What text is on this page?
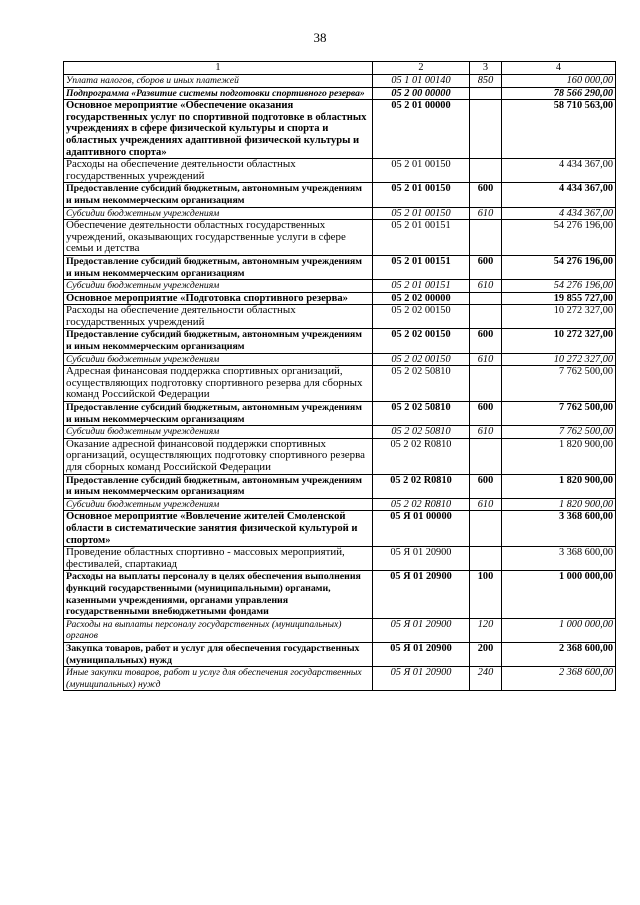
38
1	2	3	4
Уплата налогов, сборов и иных платежей	05 1 01 00140	850	160 000,00
Подпрограмма «Развитие системы подготовки спортивного резерва»	05 2 00 00000		78 566 290,00
Основное мероприятие «Обеспечение оказания государственных услуг по спортивной подготовке в областных учреждениях в сфере физической культуры и спорта и областных учреждениях адаптивной физической культуры и адаптивного спорта»	05 2 01 00000		58 710 563,00
Расходы на обеспечение деятельности областных государственных учреждений	05 2 01 00150		4 434 367,00
Предоставление субсидий бюджетным, автономным учреждениям и иным некоммерческим организациям	05 2 01 00150	600	4 434 367,00
Субсидии бюджетным учреждениям	05 2 01 00150	610	4 434 367,00
Обеспечение деятельности областных государственных учреждений, оказывающих государственные услуги в сфере семьи и детства	05 2 01 00151		54 276 196,00
Предоставление субсидий бюджетным, автономным учреждениям и иным некоммерческим организациям	05 2 01 00151	600	54 276 196,00
Субсидии бюджетным учреждениям	05 2 01 00151	610	54 276 196,00
Основное мероприятие «Подготовка спортивного резерва»	05 2 02 00000		19 855 727,00
Расходы на обеспечение деятельности областных государственных учреждений	05 2 02 00150		10 272 327,00
Предоставление субсидий бюджетным, автономным учреждениям и иным некоммерческим организациям	05 2 02 00150	600	10 272 327,00
Субсидии бюджетным учреждениям	05 2 02 00150	610	10 272 327,00
Адресная финансовая поддержка спортивных организаций, осуществляющих подготовку спортивного резерва для сборных команд Российской Федерации	05 2 02 50810		7 762 500,00
Предоставление субсидий бюджетным, автономным учреждениям и иным некоммерческим организациям	05 2 02 50810	600	7 762 500,00
Субсидии бюджетным учреждениям	05 2 02 50810	610	7 762 500,00
Оказание адресной финансовой поддержки спортивных организаций, осуществляющих подготовку спортивного резерва для сборных команд Российской Федерации	05 2 02 R0810		1 820 900,00
Предоставление субсидий бюджетным, автономным учреждениям и иным некоммерческим организациям	05 2 02 R0810	600	1 820 900,00
Субсидии бюджетным учреждениям	05 2 02 R0810	610	1 820 900,00
Основное мероприятие «Вовлечение жителей Смоленской области в систематические занятия физической культурой и спортом»	05 Я 01 00000		3 368 600,00
Проведение областных спортивно - массовых мероприятий, фестивалей, спартакиад	05 Я 01 20900		3 368 600,00
Расходы на выплаты персоналу в целях обеспечения выполнения функций государственными (муниципальными) органами, казенными учреждениями, органами управления государственными внебюджетными фондами	05 Я 01 20900	100	1 000 000,00
Расходы на выплаты персоналу государственных (муниципальных) органов	05 Я 01 20900	120	1 000 000,00
Закупка товаров, работ и услуг для обеспечения государственных (муниципальных) нужд	05 Я 01 20900	200	2 368 600,00
Иные закупки товаров, работ и услуг для обеспечения государственных (муниципальных) нужд	05 Я 01 20900	240	2 368 600,00
